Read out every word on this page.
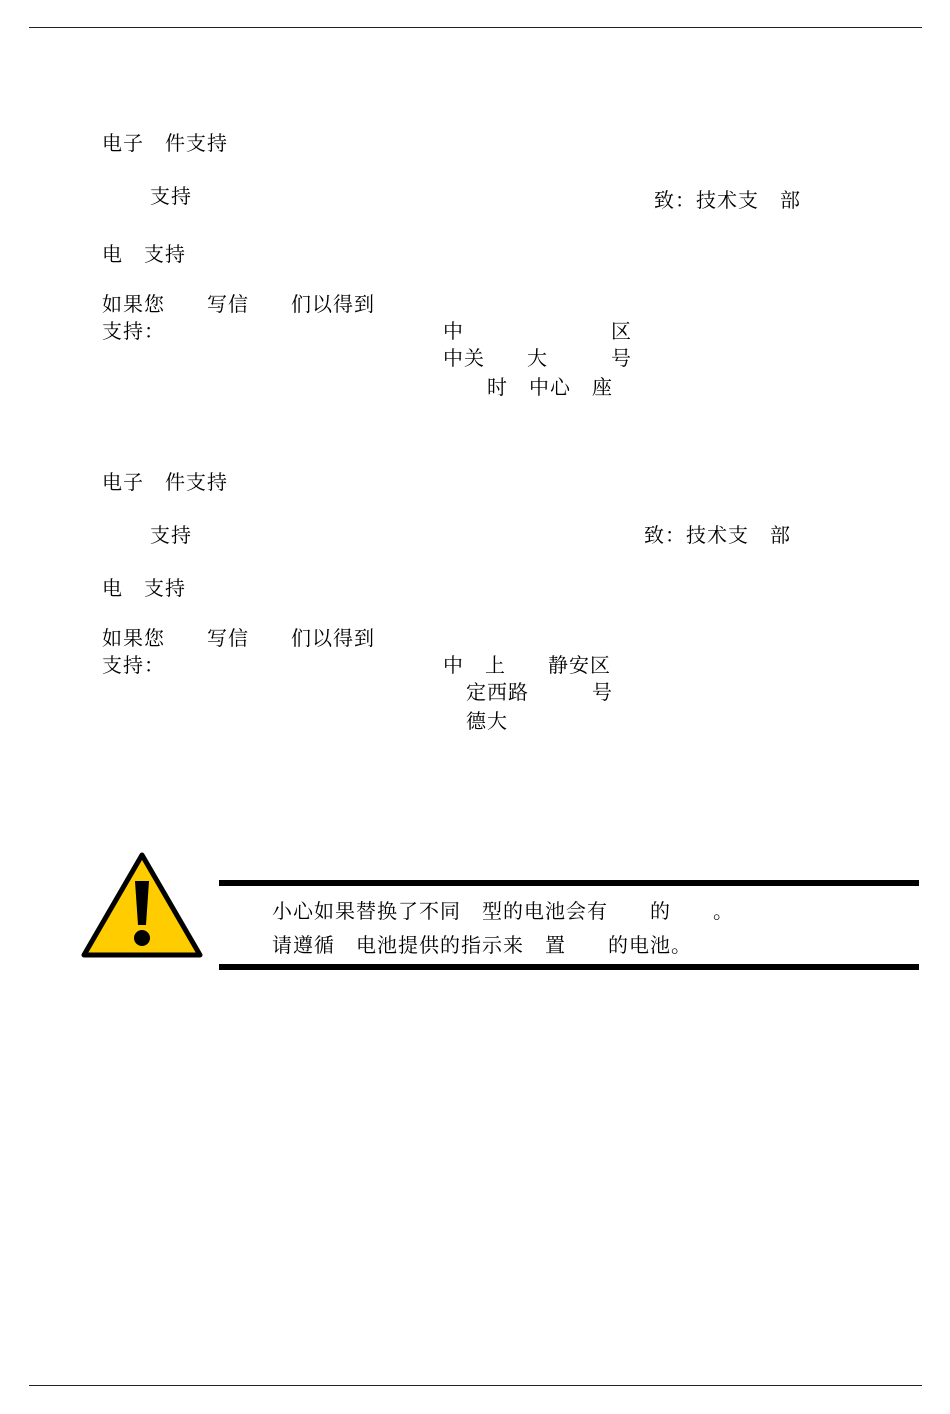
电子　件支持
支持	致：技术支　部
电　支持
如果您　　写信　　们以得到
支持：	中　　　　　　　区
中关　　大　　　号
　时　中心　座
电子　件支持
支持	致：技术支　部
电　支持
如果您　　写信　　们以得到
支持：	中　上　　静安区
定西路　　　号
德大
小心如果替换了不同　型的电池会有　　的　　。
请遵循　电池提供的指示来　置　　的电池。
